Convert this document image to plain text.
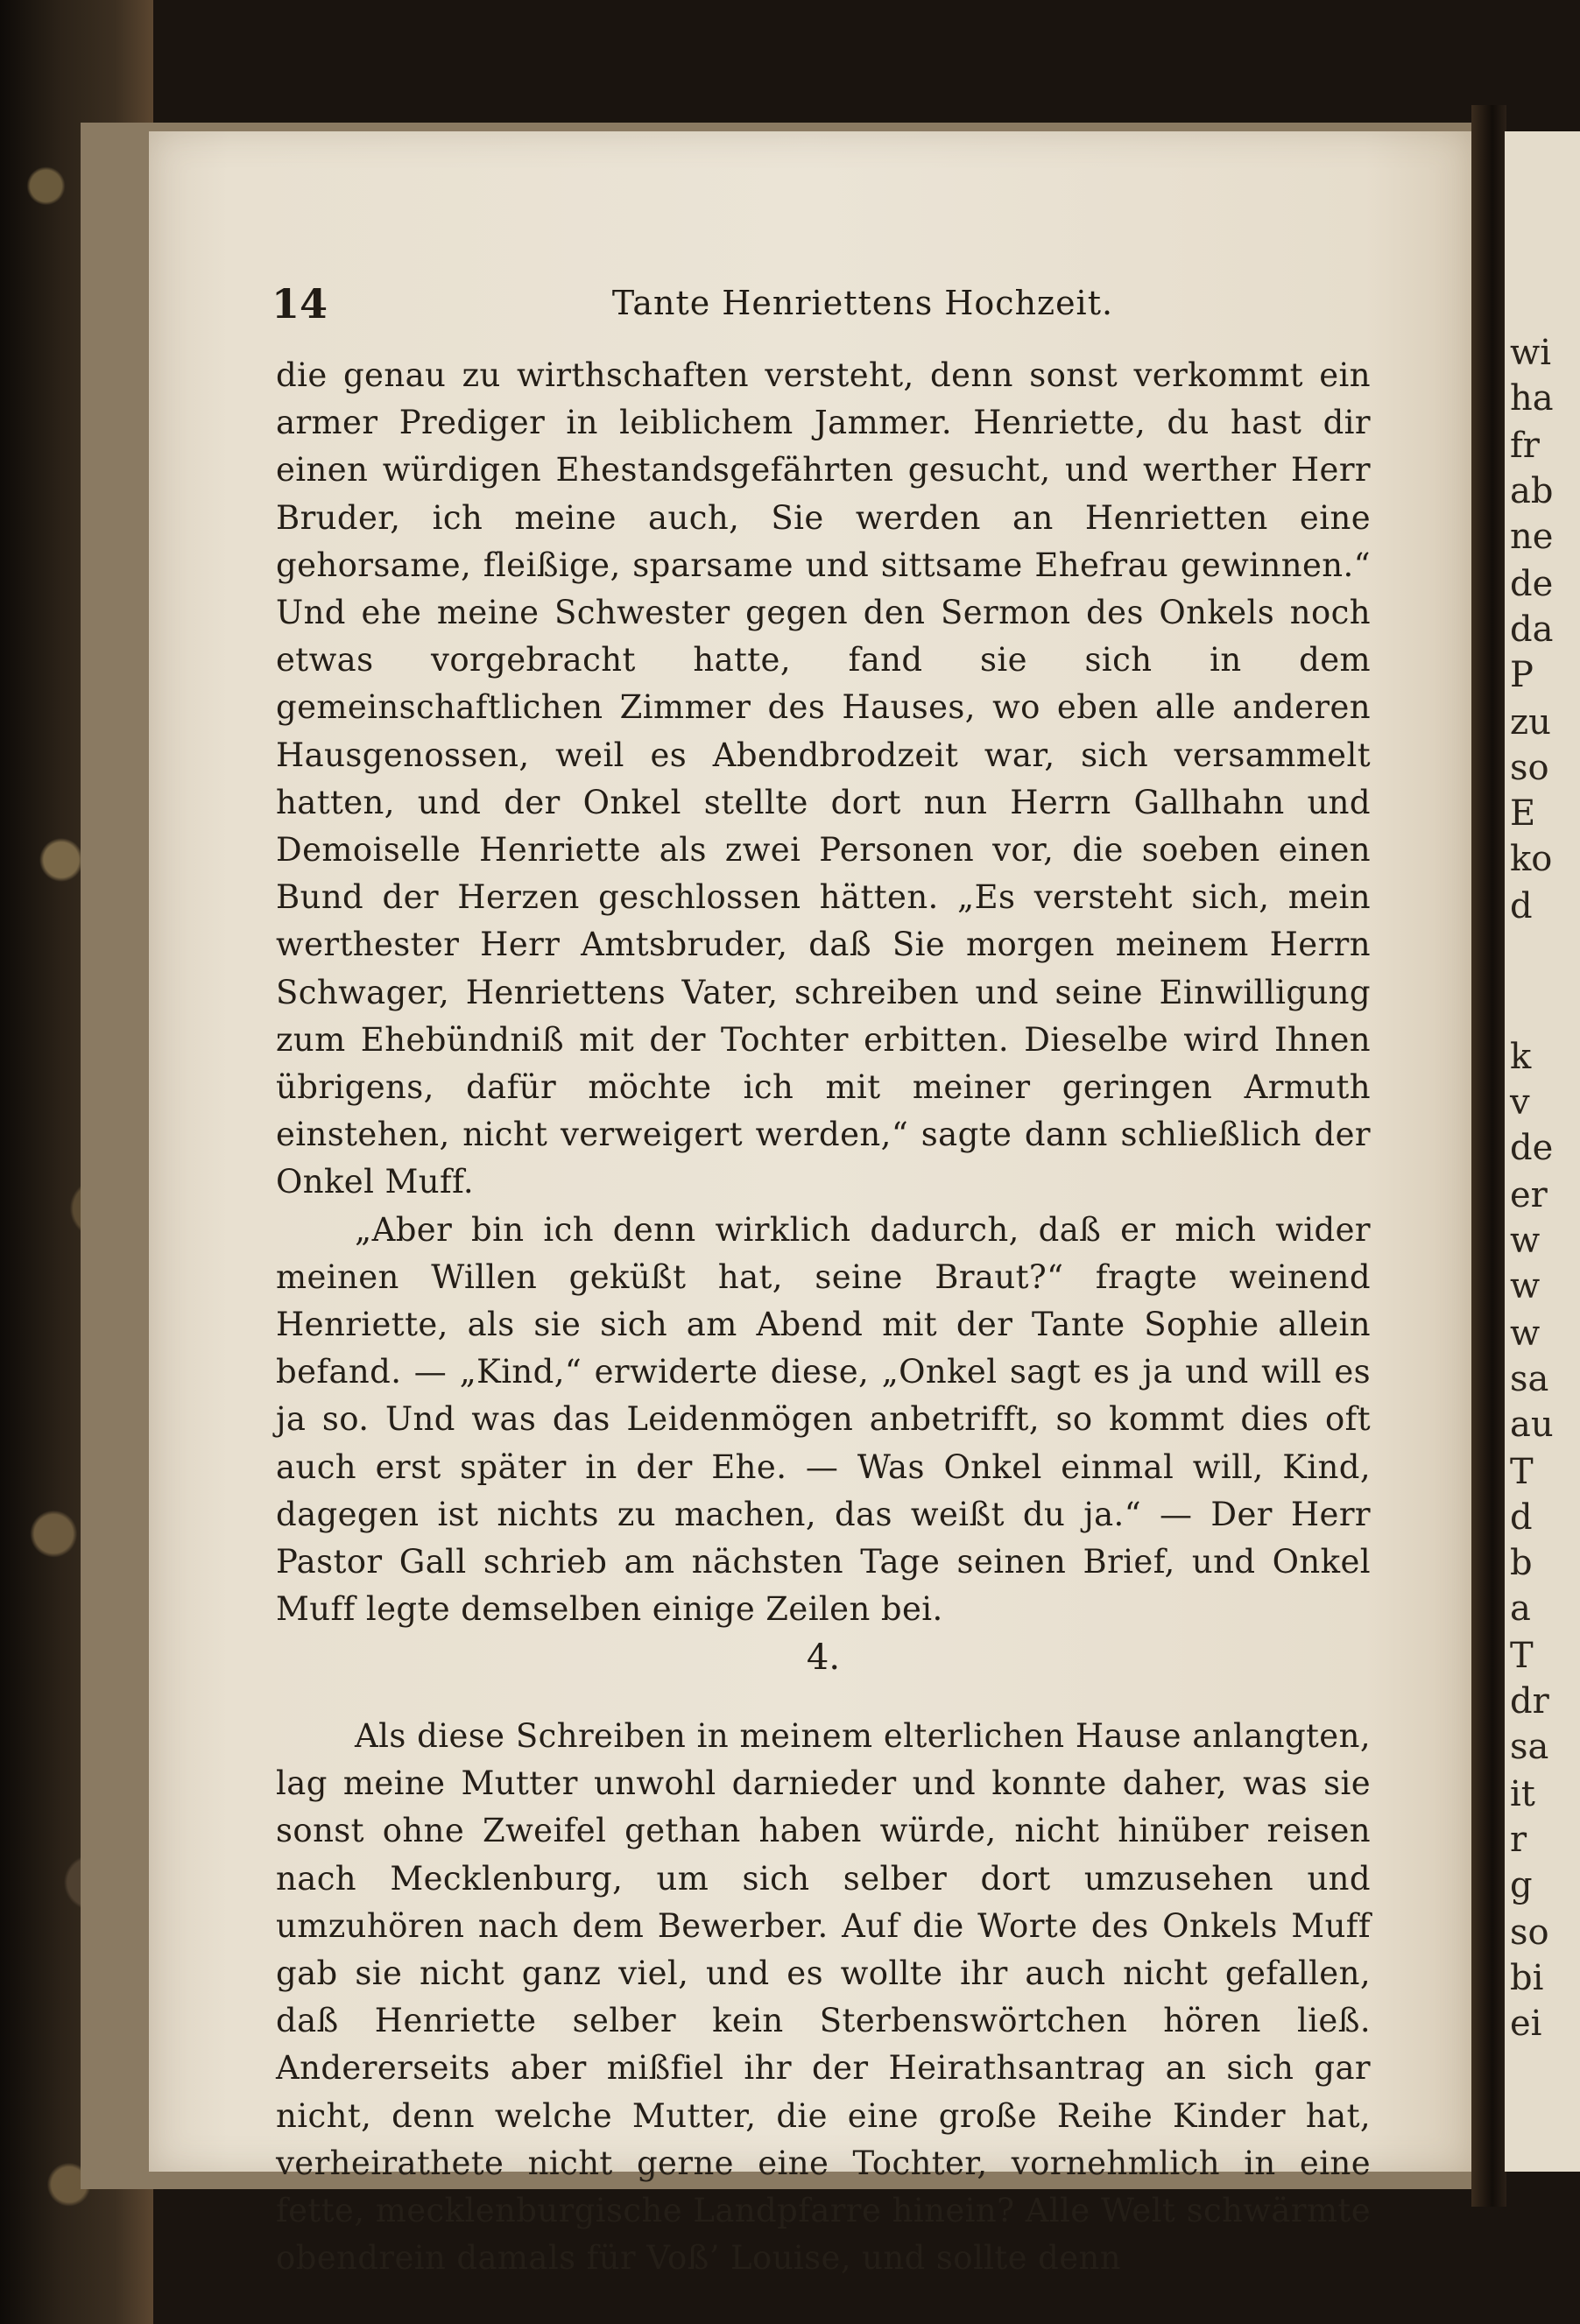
14	Tante Henriettens Hochzeit.

die genau zu wirthschaften versteht, denn sonst verkommt ein armer Prediger in leiblichem Jammer. Henriette, du hast dir einen würdigen Ehestandsgefährten gesucht, und werther Herr Bruder, ich meine auch, Sie werden an Henrietten eine gehorsame, fleißige, sparsame und sittsame Ehefrau gewinnen.“ Und ehe meine Schwester gegen den Sermon des Onkels noch etwas vorgebracht hatte, fand sie sich in dem gemeinschaftlichen Zimmer des Hauses, wo eben alle anderen Hausgenossen, weil es Abendbrodzeit war, sich versammelt hatten, und der Onkel stellte dort nun Herrn Gallhahn und Demoiselle Henriette als zwei Personen vor, die soeben einen Bund der Herzen geschlossen hätten. „Es versteht sich, mein werthester Herr Amtsbruder, daß Sie morgen meinem Herrn Schwager, Henriettens Vater, schreiben und seine Einwilligung zum Ehebündniß mit der Tochter erbitten. Dieselbe wird Ihnen übrigens, dafür möchte ich mit meiner geringen Armuth einstehen, nicht verweigert werden,“ sagte dann schließlich der Onkel Muff.

„Aber bin ich denn wirklich dadurch, daß er mich wider meinen Willen geküßt hat, seine Braut?“ fragte weinend Henriette, als sie sich am Abend mit der Tante Sophie allein befand. — „Kind,“ erwiderte diese, „Onkel sagt es ja und will es ja so. Und was das Leidenmögen anbetrifft, so kommt dies oft auch erst später in der Ehe. — Was Onkel einmal will, Kind, dagegen ist nichts zu machen, das weißt du ja.“ — Der Herr Pastor Gall schrieb am nächsten Tage seinen Brief, und Onkel Muff legte demselben einige Zeilen bei.

4.

Als diese Schreiben in meinem elterlichen Hause anlangten, lag meine Mutter unwohl darnieder und konnte daher, was sie sonst ohne Zweifel gethan haben würde, nicht hinüber reisen nach Mecklenburg, um sich selber dort umzusehen und umzuhören nach dem Bewerber. Auf die Worte des Onkels Muff gab sie nicht ganz viel, und es wollte ihr auch nicht gefallen, daß Henriette selber kein Sterbenswörtchen hören ließ. Andererseits aber mißfiel ihr der Heirathsantrag an sich gar nicht, denn welche Mutter, die eine große Reihe Kinder hat, verheirathete nicht gerne eine Tochter, vornehmlich in eine fette, mecklenburgische Landpfarre hinein? Alle Welt schwärmte obendrein damals für Voß’ Louise, und sollte denn

wi
ha
fr
ab
ne
de
da
P
zu
so
E
ko
d
k
v
de
er
w
w
w
sa
au
T
d
b
a
T
dr
sa
it
r
g
so
bi
ei
